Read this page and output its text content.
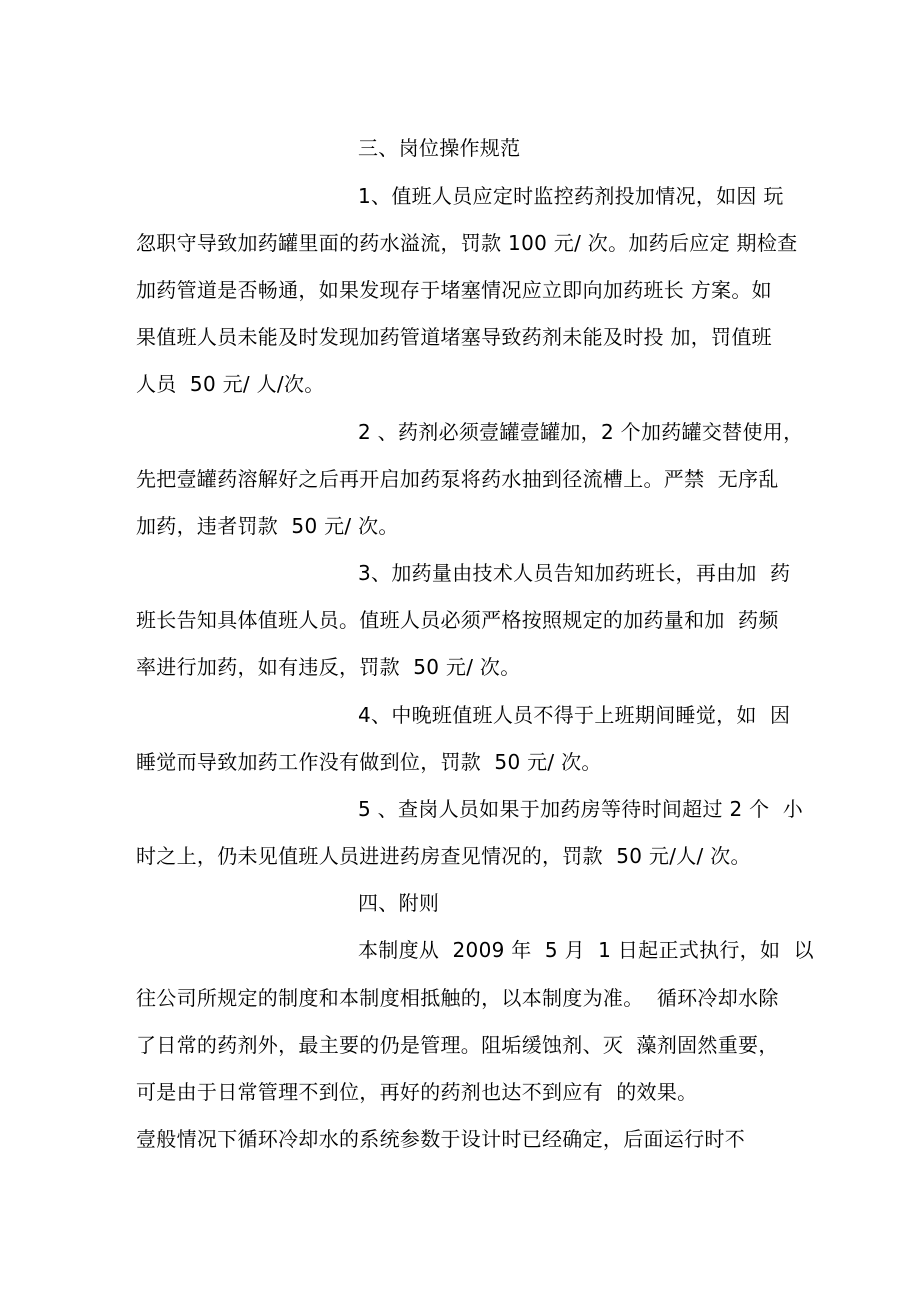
三、岗位操作规范
1、值班人员应定时监控药剂投加情况，如因 玩
忽职守导致加药罐里面的药水溢流，罚款 100 元/ 次。加药后应定 期检查
加药管道是否畅通，如果发现存于堵塞情况应立即向加药班长 方案。如
果值班人员未能及时发现加药管道堵塞导致药剂未能及时投 加，罚值班
人员  50 元/ 人/次。
2 、药剂必须壹罐壹罐加，2 个加药罐交替使用，
先把壹罐药溶解好之后再开启加药泵将药水抽到径流槽上。严禁  无序乱
加药，违者罚款  50 元/ 次。
3、加药量由技术人员告知加药班长，再由加  药
班长告知具体值班人员。值班人员必须严格按照规定的加药量和加  药频
率进行加药，如有违反，罚款  50 元/ 次。
4、中晚班值班人员不得于上班期间睡觉，如  因
睡觉而导致加药工作没有做到位，罚款  50 元/ 次。
5 、查岗人员如果于加药房等待时间超过 2 个  小
时之上，仍未见值班人员进进药房查见情况的，罚款  50 元/人/ 次。
四、附则
本制度从  2009 年  5 月  1 日起正式执行，如  以
往公司所规定的制度和本制度相抵触的，以本制度为准。  循环冷却水除
了日常的药剂外，最主要的仍是管理。阻垢缓蚀剂、灭  藻剂固然重要，
可是由于日常管理不到位，再好的药剂也达不到应有  的效果。
壹般情况下循环冷却水的系统参数于设计时已经确定，后面运行时不
